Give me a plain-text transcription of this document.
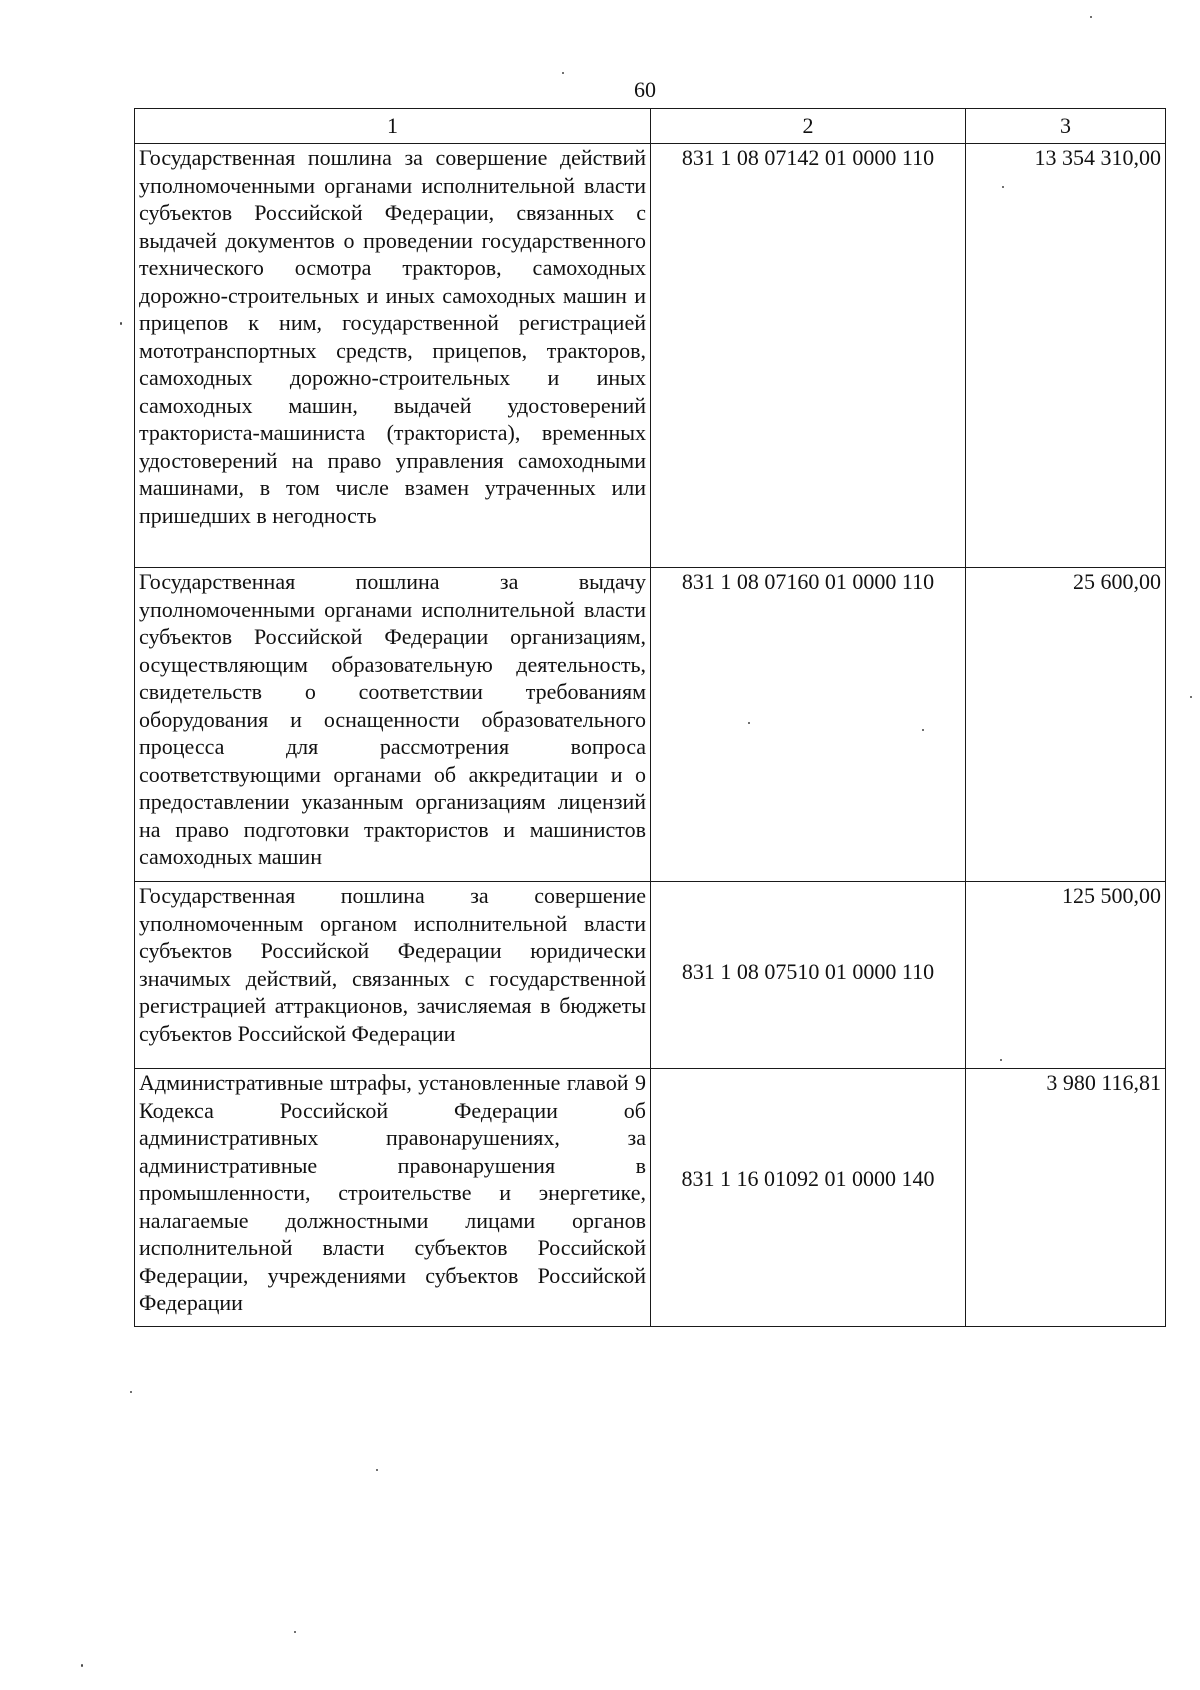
60
1	2	3
Государственная пошлина за совершение действий уполномоченными органами исполнительной власти субъектов Российской Федерации, связанных с выдачей документов о проведении государственного технического осмотра тракторов, самоходных дорожно-строительных и иных самоходных машин и прицепов к ним, государственной регистрацией мототранспортных средств, прицепов, тракторов, самоходных дорожно-строительных и иных самоходных машин, выдачей удостоверений тракториста-машиниста (тракториста), временных удостоверений на право управления самоходными машинами, в том числе взамен утраченных или пришедших в негодность	831 1 08 07142 01 0000 110	13 354 310,00
Государственная пошлина за выдачу уполномоченными органами исполнительной власти субъектов Российской Федерации организациям, осуществляющим образовательную деятельность, свидетельств о соответствии требованиям оборудования и оснащенности образовательного процесса для рассмотрения вопроса соответствующими органами об аккредитации и о предоставлении указанным организациям лицензий на право подготовки трактористов и машинистов самоходных машин	831 1 08 07160 01 0000 110	25 600,00
Государственная пошлина за совершение уполномоченным органом исполнительной власти субъектов Российской Федерации юридически значимых действий, связанных с государственной регистрацией аттракционов, зачисляемая в бюджеты субъектов Российской Федерации	831 1 08 07510 01 0000 110	125 500,00
Административные штрафы, установленные главой 9 Кодекса Российской Федерации об административных правонарушениях, за административные правонарушения в промышленности, строительстве и энергетике, налагаемые должностными лицами органов исполнительной власти субъектов Российской Федерации, учреждениями субъектов Российской Федерации	831 1 16 01092 01 0000 140	3 980 116,81
